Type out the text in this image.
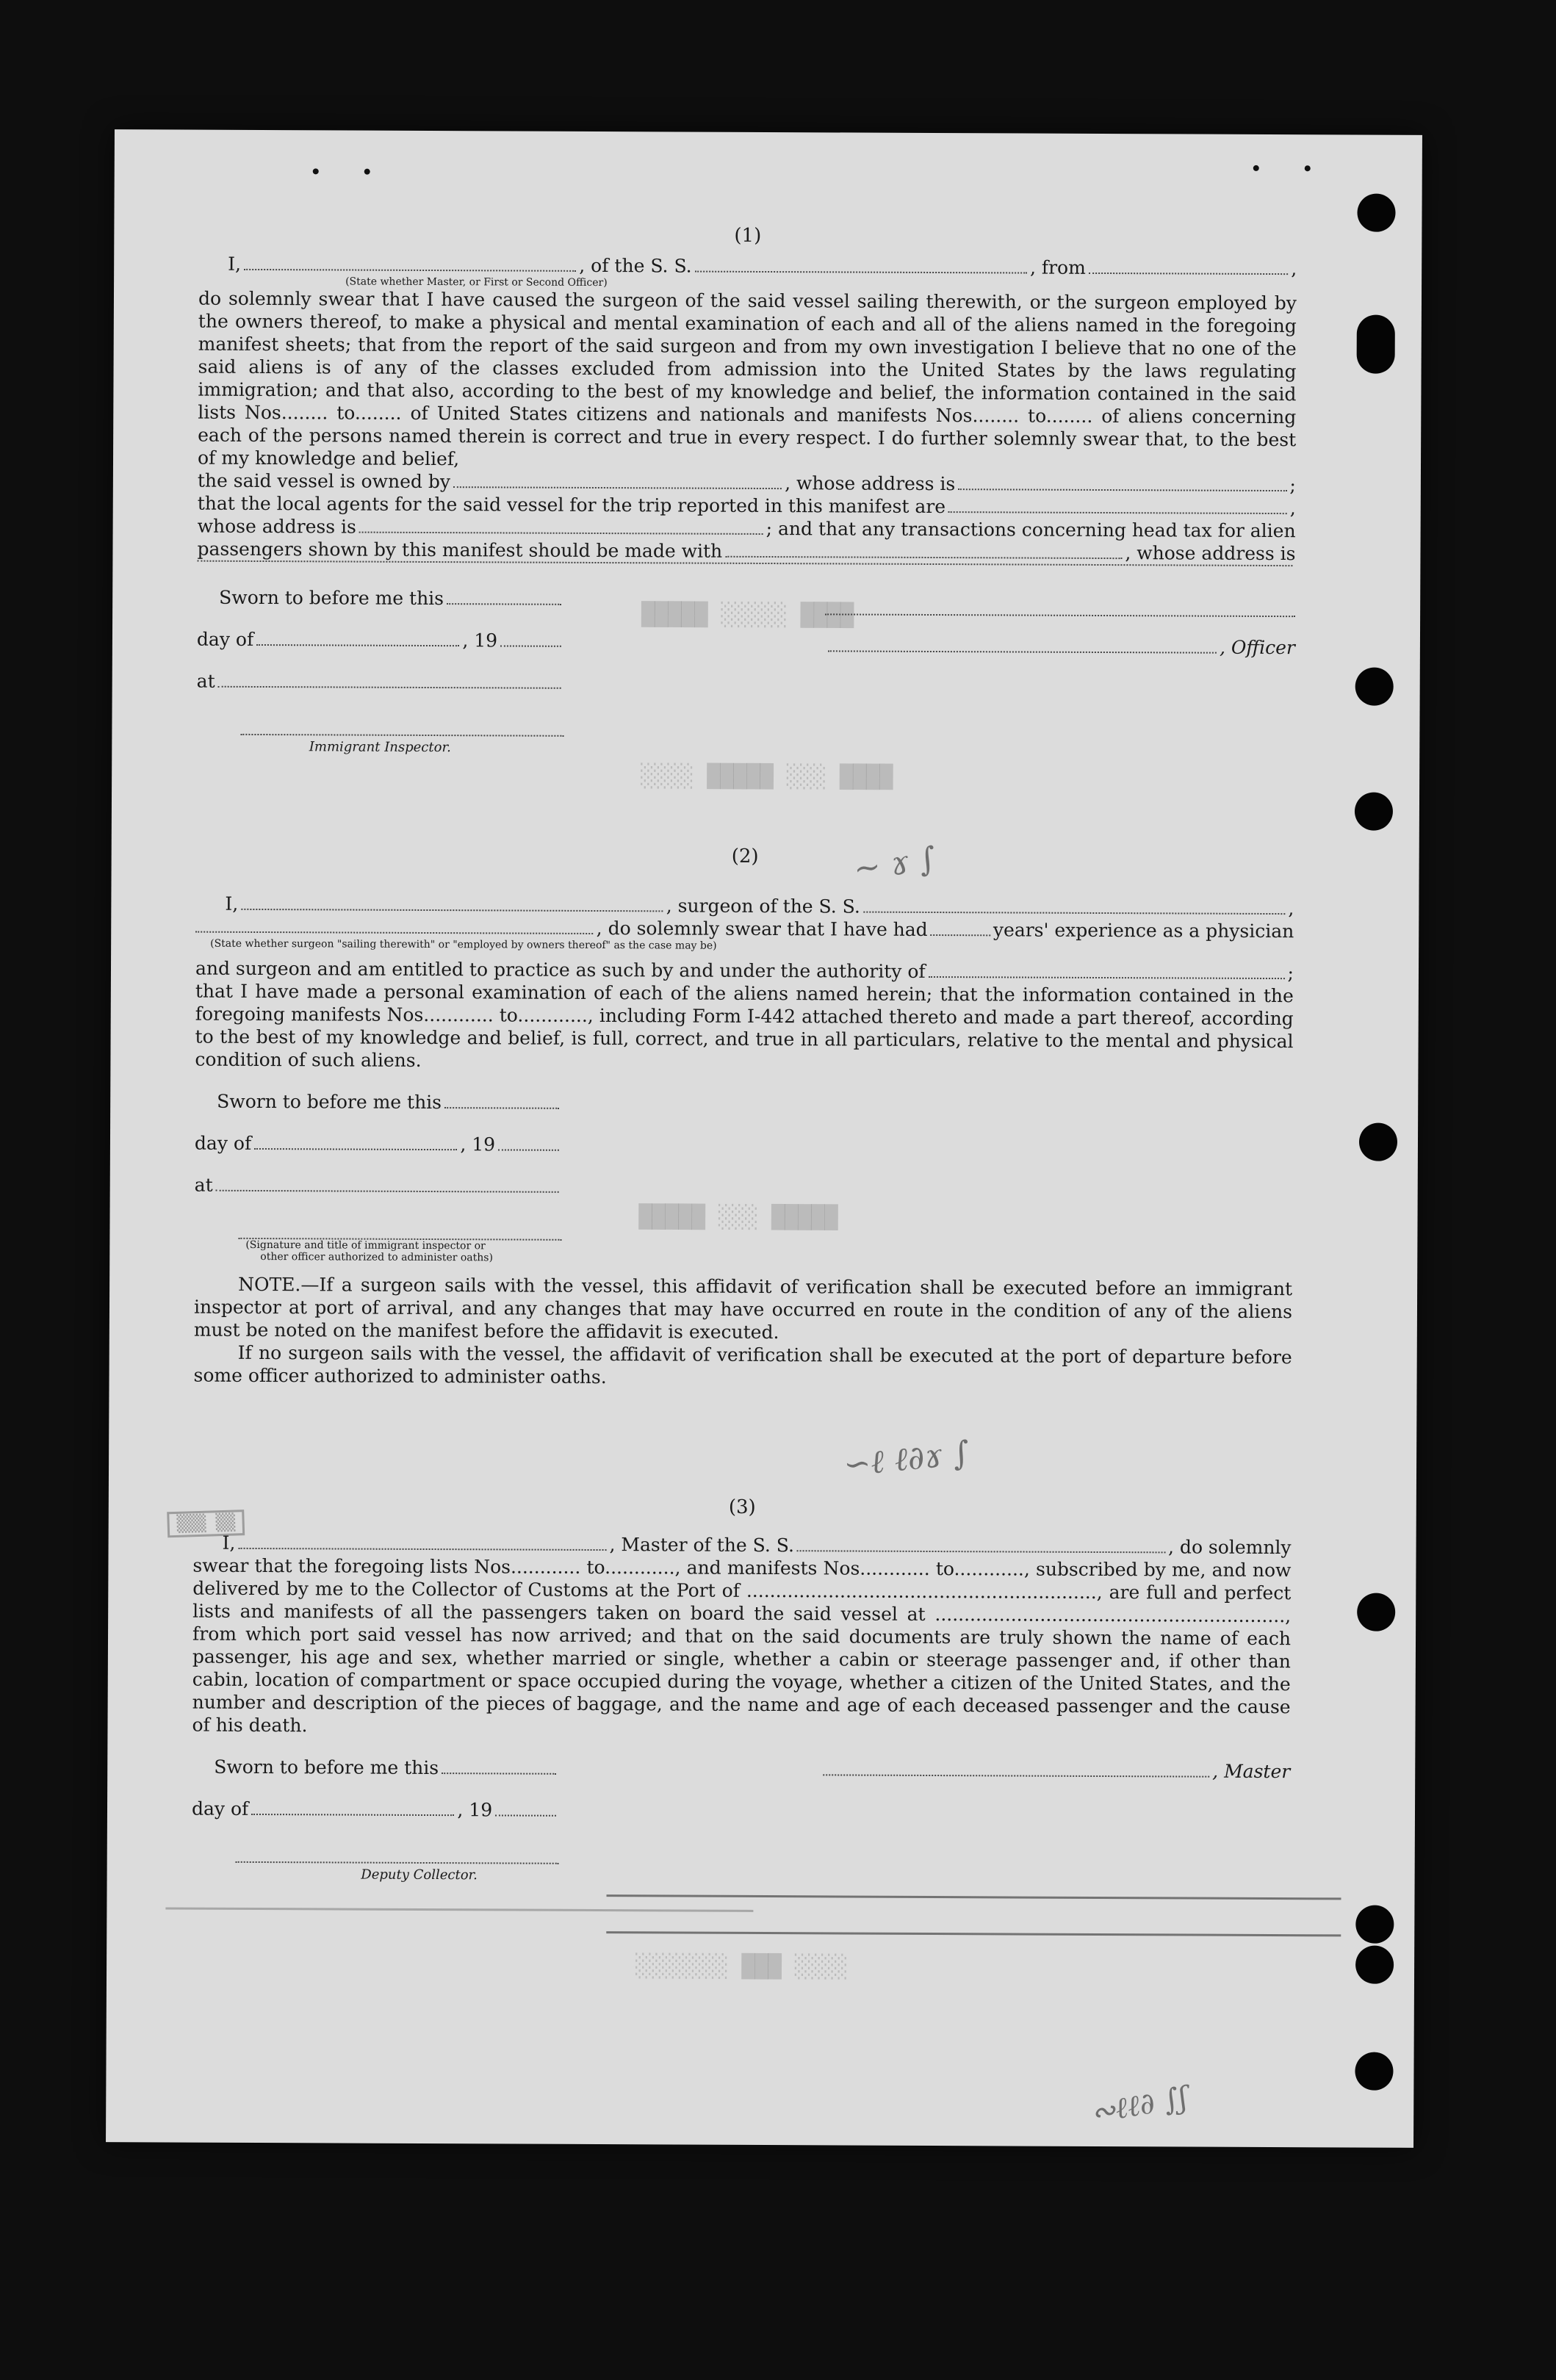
█████ ░░░░░ ████
░░░░ █████ ░░░ ████
█████ ░░░ █████
░░░░░░░ ███ ░░░░
~ ɤ ∫
∽ℓ ℓ∂ɤ ∫
∾ℓℓ∂ ∫ʃ
▒▒▒ ▒▒
(1)
I,	, of the S. S.	, from	,
(State whether Master, or First or Second Officer)

do solemnly swear that I have caused the surgeon of the said vessel sailing therewith, or the surgeon employed by the owners thereof, to make a physical and mental examination of each and all of the aliens named in the foregoing manifest sheets; that from the report of the said surgeon and from my own investigation I believe that no one of the said aliens is of any of the classes excluded from admission into the United States by the laws regulating immigration; and that also, according to the best of my knowledge and belief, the information contained in the said lists Nos........ to........ of United States citizens and nationals and manifests Nos........ to........ of aliens concerning each of the persons named therein is correct and true in every respect. I do further solemnly swear that, to the best of my knowledge and belief,

the said vessel is owned by	, whose address is	;
that the local agents for the said vessel for the trip reported in this manifest are	,
whose address is	; and that any transactions concerning head tax for alien
passengers shown by this manifest should be made with	, whose address is
Sworn to before me this
day of	, 19
at
Immigrant Inspector.
, Officer
(2)
I,	, surgeon of the S. S.	,
, do solemnly swear that I have had	years' experience as a physician
(State whether surgeon "sailing therewith" or "employed by owners thereof" as the case may be)
and surgeon and am entitled to practice as such by and under the authority of	;

that I have made a personal examination of each of the aliens named herein; that the information contained in the foregoing manifests Nos............ to............, including Form I-442 attached thereto and made a part thereof, according to the best of my knowledge and belief, is full, correct, and true in all particulars, relative to the mental and physical condition of such aliens.

Sworn to before me this
day of	, 19
at
(Signature and title of immigrant inspector or
other officer authorized to administer oaths)

NOTE.—If a surgeon sails with the vessel, this affidavit of verification shall be executed before an immigrant inspector at port of arrival, and any changes that may have occurred en route in the condition of any of the aliens must be noted on the manifest before the affidavit is executed.

If no surgeon sails with the vessel, the affidavit of verification shall be executed at the port of departure before some officer authorized to administer oaths.

(3)
I,	, Master of the S. S.	, do solemnly

swear that the foregoing lists Nos............ to............, and manifests Nos............ to............, subscribed by me, and now delivered by me to the Collector of Customs at the Port of ............................................................, are full and perfect lists and manifests of all the passengers taken on board the said vessel at ............................................................, from which port said vessel has now arrived; and that on the said documents are truly shown the name of each passenger, his age and sex, whether married or single, whether a cabin or steerage passenger and, if other than cabin, location of compartment or space occupied during the voyage, whether a citizen of the United States, and the number and description of the pieces of baggage, and the name and age of each deceased passenger and the cause of his death.

Sworn to before me this
day of	, 19
Deputy Collector.
, Master
